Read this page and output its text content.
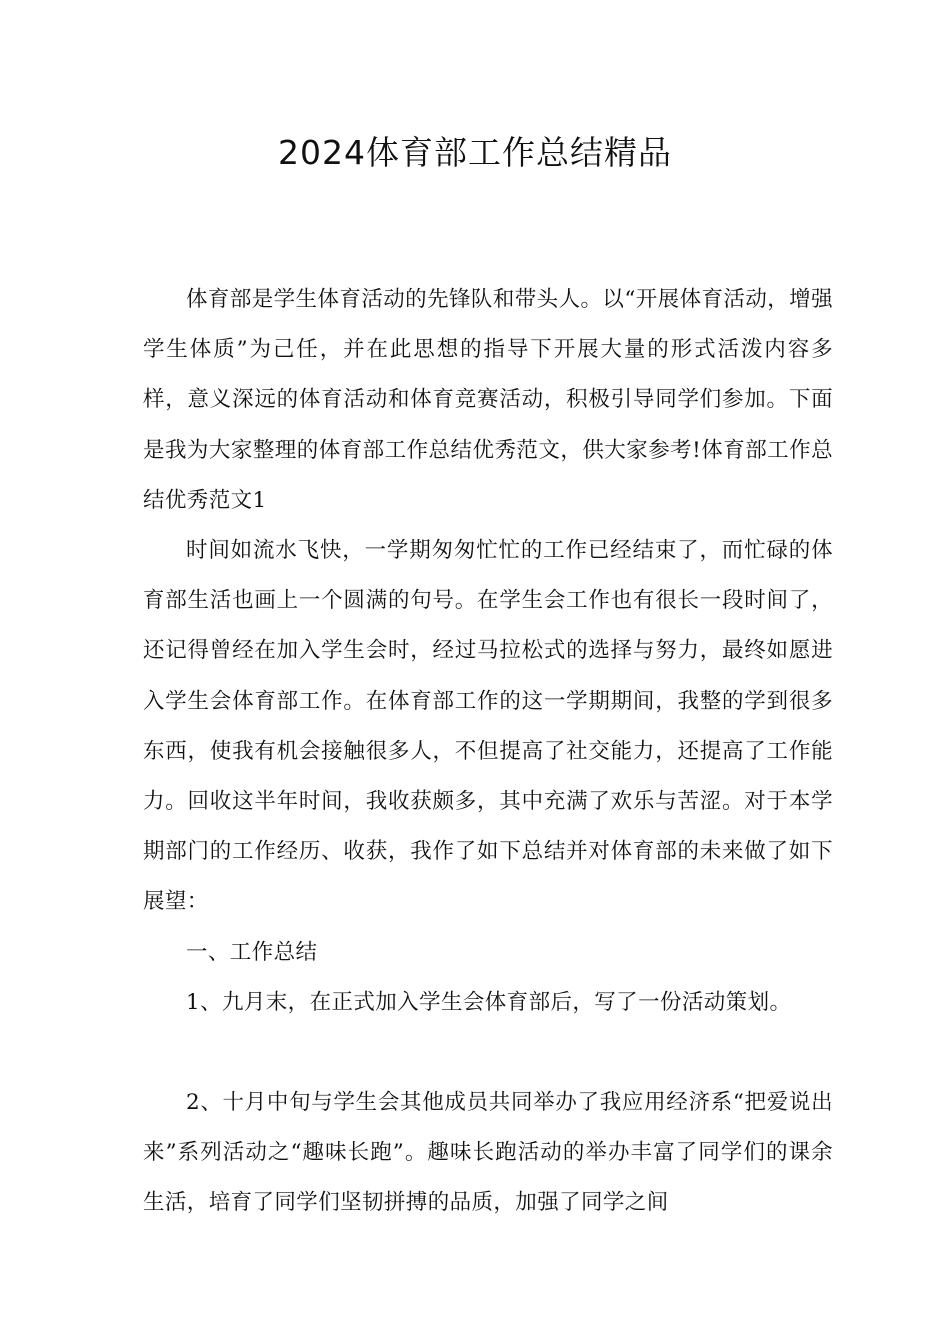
2024体育部工作总结精品

体育部是学生体育活动的先锋队和带头人。以“开展体育活动，增强学生体质”为己任，并在此思想的指导下开展大量的形式活泼内容多样，意义深远的体育活动和体育竞赛活动，积极引导同学们参加。下面是我为大家整理的体育部工作总结优秀范文，供大家参考!体育部工作总结优秀范文1

时间如流水飞快，一学期匆匆忙忙的工作已经结束了，而忙碌的体育部生活也画上一个圆满的句号。在学生会工作也有很长一段时间了，还记得曾经在加入学生会时，经过马拉松式的选择与努力，最终如愿进入学生会体育部工作。在体育部工作的这一学期期间，我整的学到很多东西，使我有机会接触很多人，不但提高了社交能力，还提高了工作能力。回收这半年时间，我收获颇多，其中充满了欢乐与苦涩。对于本学期部门的工作经历、收获，我作了如下总结并对体育部的未来做了如下展望：

一、工作总结

1、九月末，在正式加入学生会体育部后，写了一份活动策划。

2、十月中旬与学生会其他成员共同举办了我应用经济系“把爱说出来”系列活动之“趣味长跑”。趣味长跑活动的举办丰富了同学们的课余生活，培育了同学们坚韧拼搏的品质，加强了同学之间
